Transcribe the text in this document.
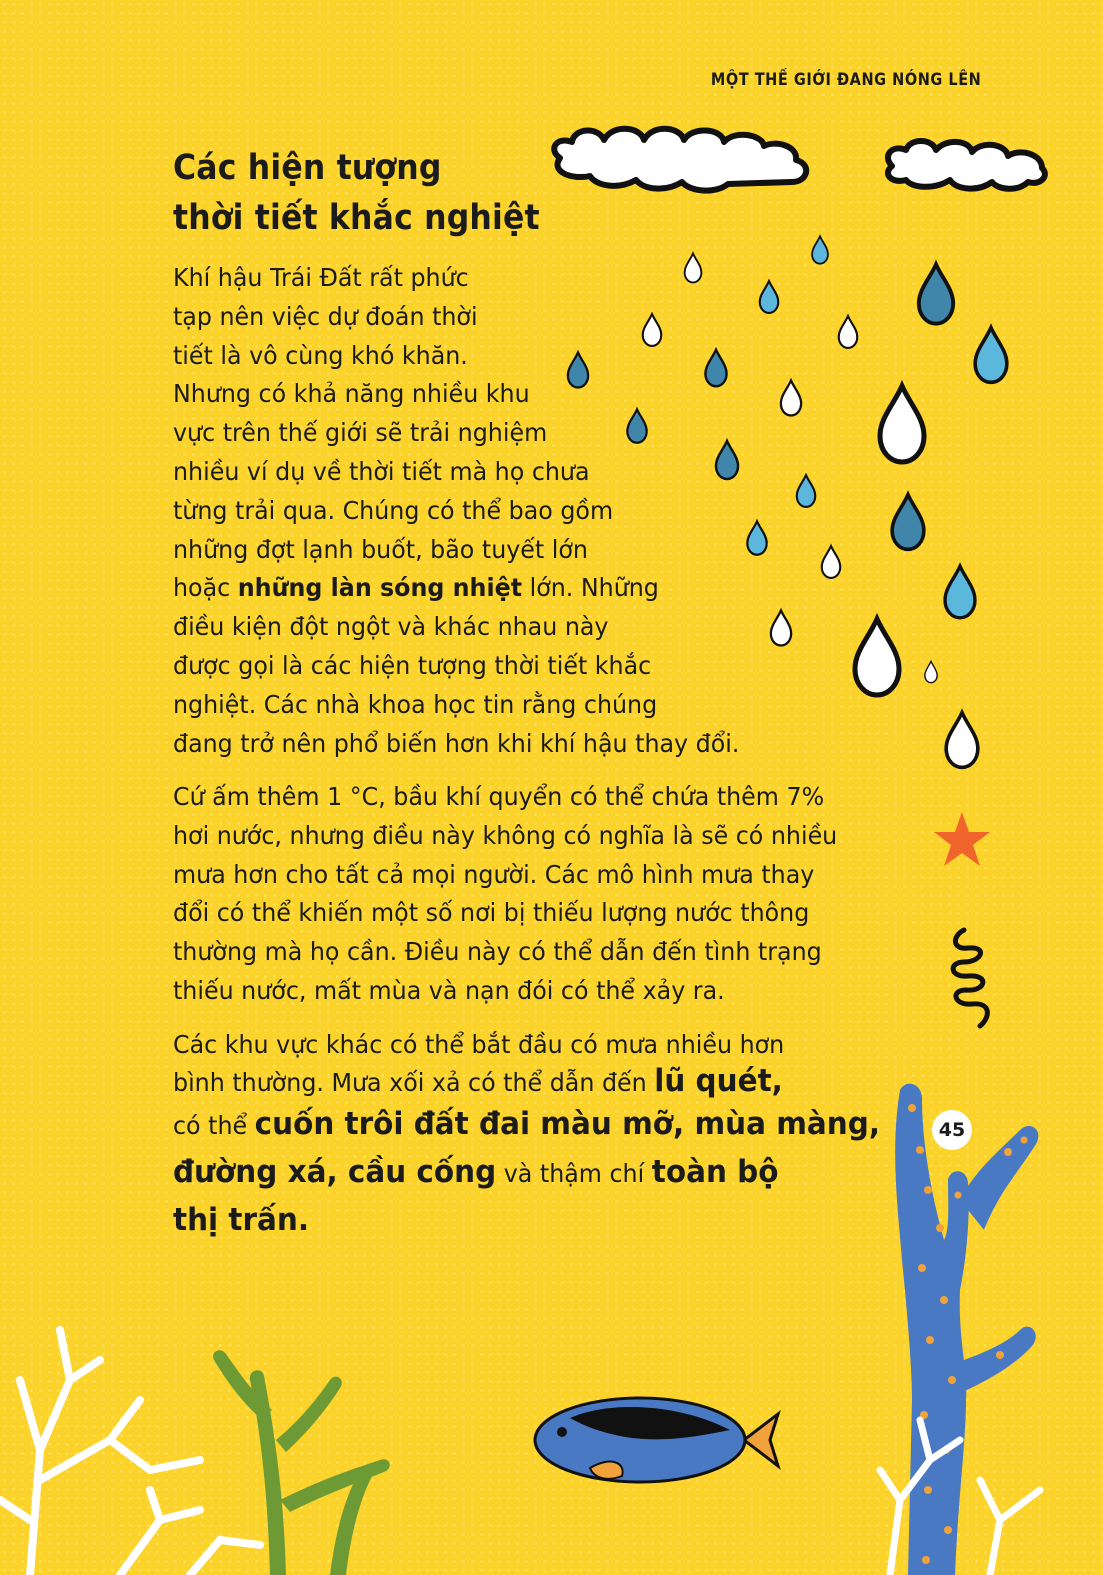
MỘT THẾ GIỚI ĐANG NÓNG LÊN
Các hiện tượng
thời tiết khắc nghiệt
Khí hậu Trái Đất rất phức
tạp nên việc dự đoán thời
tiết là vô cùng khó khăn.
Nhưng có khả năng nhiều khu
vực trên thế giới sẽ trải nghiệm
nhiều ví dụ về thời tiết mà họ chưa
từng trải qua. Chúng có thể bao gồm
những đợt lạnh buốt, bão tuyết lớn
hoặc những làn sóng nhiệt lớn. Những
điều kiện đột ngột và khác nhau này
được gọi là các hiện tượng thời tiết khắc
nghiệt. Các nhà khoa học tin rằng chúng
đang trở nên phổ biến hơn khi khí hậu thay đổi.
Cứ ấm thêm 1 °C, bầu khí quyển có thể chứa thêm 7%
hơi nước, nhưng điều này không có nghĩa là sẽ có nhiều
mưa hơn cho tất cả mọi người. Các mô hình mưa thay
đổi có thể khiến một số nơi bị thiếu lượng nước thông
thường mà họ cần. Điều này có thể dẫn đến tình trạng
thiếu nước, mất mùa và nạn đói có thể xảy ra.
Các khu vực khác có thể bắt đầu có mưa nhiều hơn
bình thường. Mưa xối xả có thể dẫn đến lũ quét,
có thể cuốn trôi đất đai màu mỡ, mùa màng,
đường xá, cầu cống và thậm chí toàn bộ
thị trấn.
45
